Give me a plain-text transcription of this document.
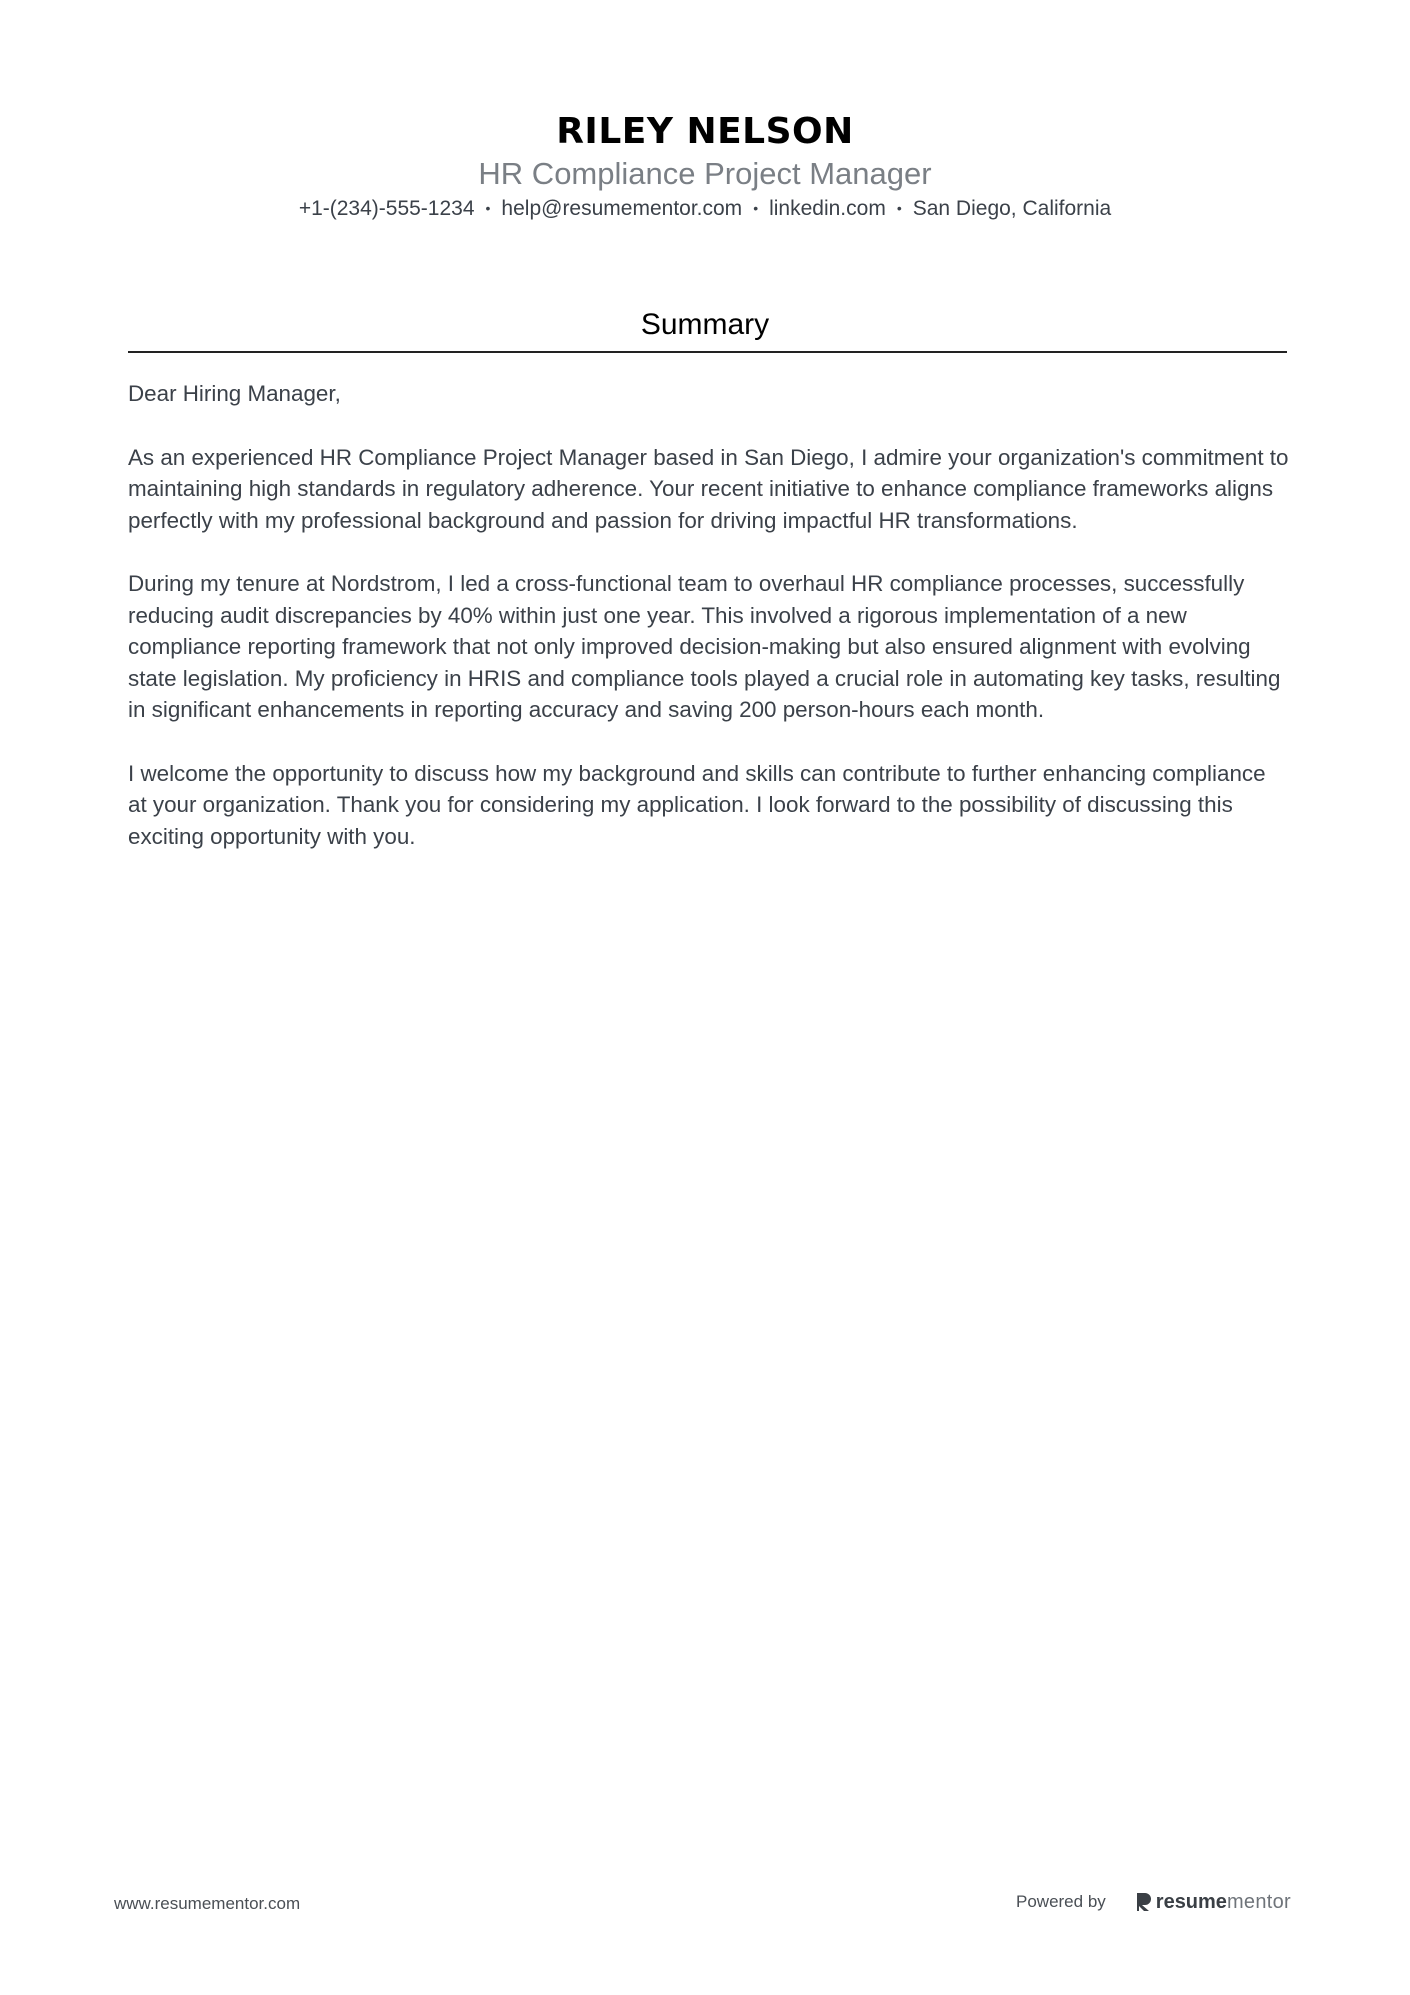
RILEY NELSON
HR Compliance Project Manager
+1-(234)-555-1234 • help@resumementor.com • linkedin.com • San Diego, California
Summary

Dear Hiring Manager,

As an experienced HR Compliance Project Manager based in San Diego, I admire your organization's commitment to maintaining high standards in regulatory adherence. Your recent initiative to enhance compliance frameworks aligns perfectly with my professional background and passion for driving impactful HR transformations.

During my tenure at Nordstrom, I led a cross-functional team to overhaul HR compliance processes, successfully reducing audit discrepancies by 40% within just one year. This involved a rigorous implementation of a new compliance reporting framework that not only improved decision-making but also ensured alignment with evolving state legislation. My proficiency in HRIS and compliance tools played a crucial role in automating key tasks, resulting in significant enhancements in reporting accuracy and saving 200 person-hours each month.

I welcome the opportunity to discuss how my background and skills can contribute to further enhancing compliance at your organization. Thank you for considering my application. I look forward to the possibility of discussing this exciting opportunity with you.

www.resumementor.com	Powered by	resume mentor
